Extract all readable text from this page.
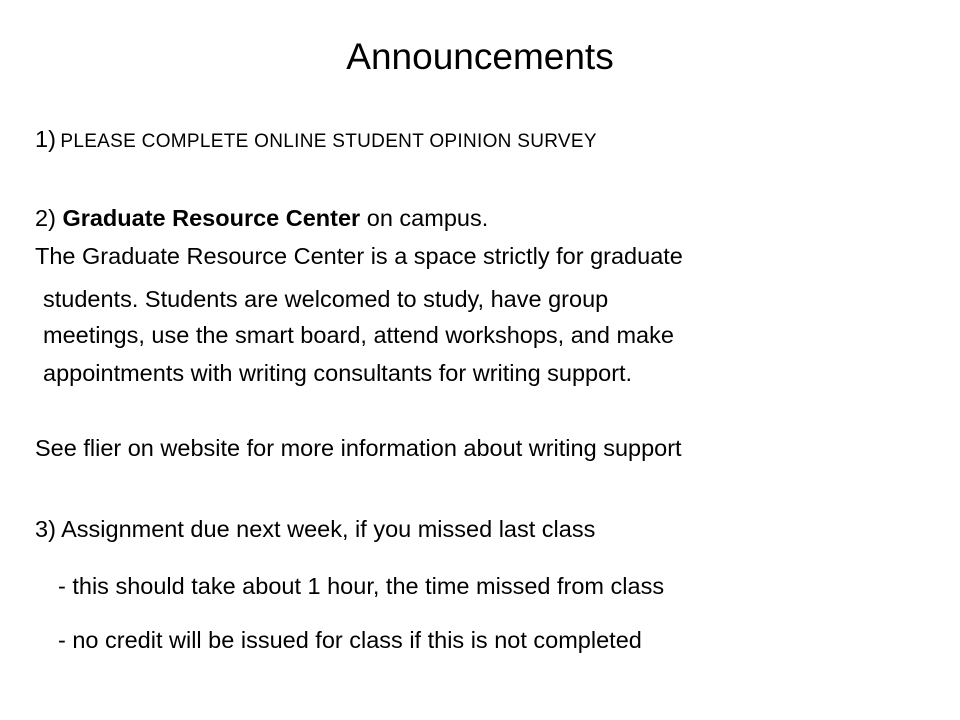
Announcements
1) PLEASE COMPLETE ONLINE STUDENT OPINION SURVEY
2) Graduate Resource Center on campus.
The Graduate Resource Center is a space strictly for graduate
students. Students are welcomed to study, have group
meetings, use the smart board, attend workshops, and make
appointments with writing consultants for writing support.
See flier on website for more information about writing support
3) Assignment due next week, if you missed last class
- this should take about 1 hour, the time missed from class
- no credit will be issued for class if this is not completed
